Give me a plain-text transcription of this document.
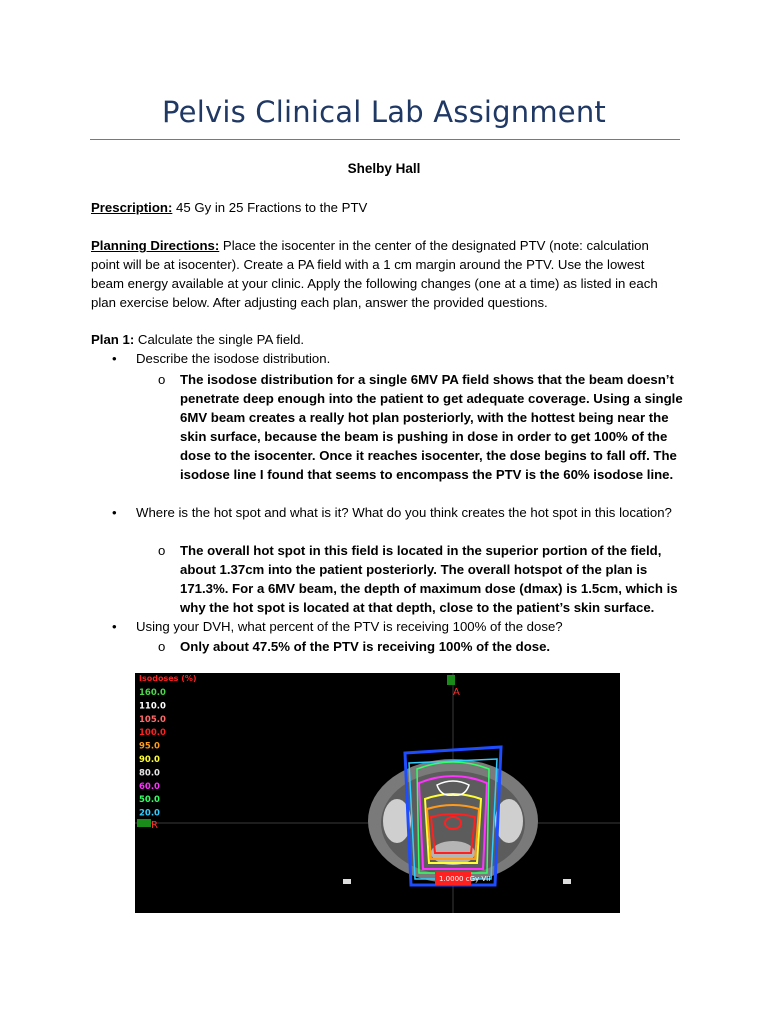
Pelvis Clinical Lab Assignment
Shelby Hall
Prescription: 45 Gy in 25 Fractions to the PTV
Planning Directions: Place the isocenter in the center of the designated PTV (note: calculation point will be at isocenter). Create a PA field with a 1 cm margin around the PTV. Use the lowest beam energy available at your clinic. Apply the following changes (one at a time) as listed in each plan exercise below. After adjusting each plan, answer the provided questions.
Plan 1: Calculate the single PA field.
• Describe the isodose distribution.
o The isodose distribution for a single 6MV PA field shows that the beam doesn’t penetrate deep enough into the patient to get adequate coverage. Using a single 6MV beam creates a really hot plan posteriorly, with the hottest being near the skin surface, because the beam is pushing in dose in order to get 100% of the dose to the isocenter. Once it reaches isocenter, the dose begins to fall off. The isodose line I found that seems to encompass the PTV is the 60% isodose line.
• Where is the hot spot and what is it? What do you think creates the hot spot in this location?
o The overall hot spot in this field is located in the superior portion of the field, about 1.37cm into the patient posteriorly. The overall hotspot of the plan is 171.3%. For a 6MV beam, the depth of maximum dose (dmax) is 1.5cm, which is why the hot spot is located at that depth, close to the patient’s skin surface.
• Using your DVH, what percent of the PTV is receiving 100% of the dose?
o Only about 47.5% of the PTV is receiving 100% of the dose.
Isodoses (%)
160.0
110.0
105.0
100.0
95.0
90.0
80.0
60.0
50.0
20.0
A
R
1.0000 cGy VII
